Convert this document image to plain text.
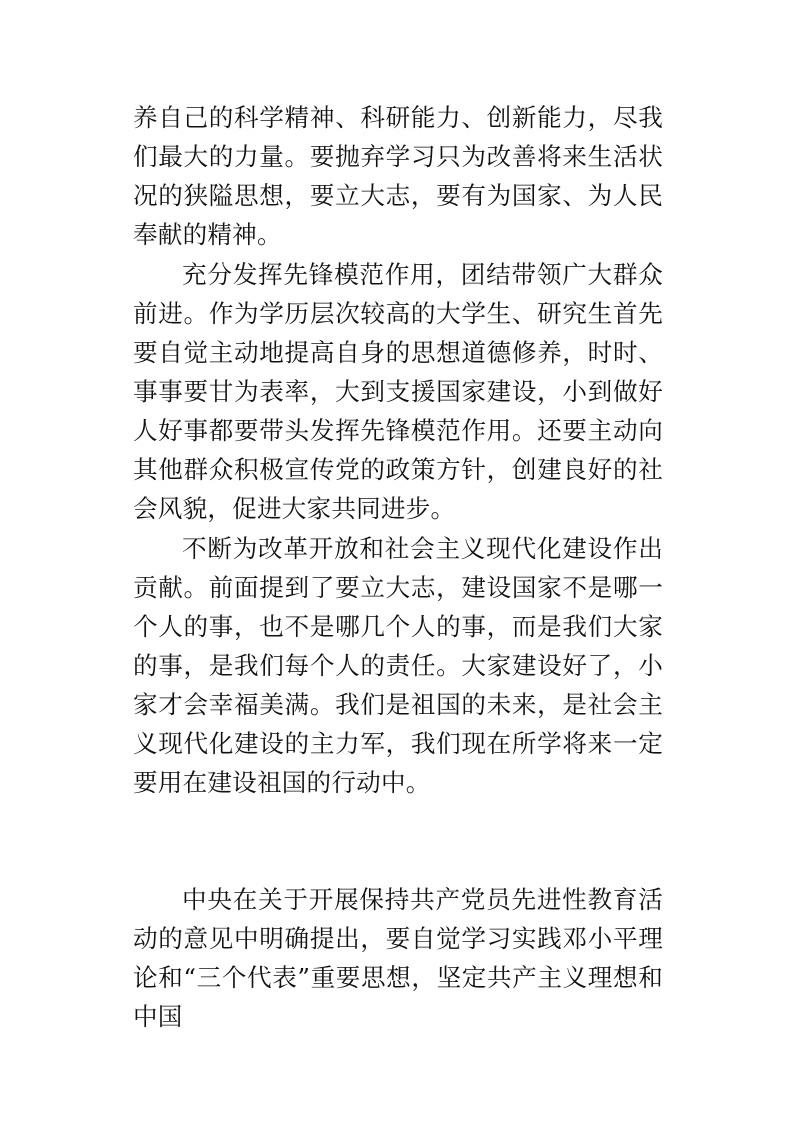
养自己的科学精神、科研能力、创新能力，尽我们最大的力量。要抛弃学习只为改善将来生活状况的狭隘思想，要立大志，要有为国家、为人民奉献的精神。

充分发挥先锋模范作用，团结带领广大群众前进。作为学历层次较高的大学生、研究生首先要自觉主动地提高自身的思想道德修养，时时、事事要甘为表率，大到支援国家建设，小到做好人好事都要带头发挥先锋模范作用。还要主动向其他群众积极宣传党的政策方针，创建良好的社会风貌，促进大家共同进步。

不断为改革开放和社会主义现代化建设作出贡献。前面提到了要立大志，建设国家不是哪一个人的事，也不是哪几个人的事，而是我们大家的事，是我们每个人的责任。大家建设好了，小家才会幸福美满。我们是祖国的未来，是社会主义现代化建设的主力军，我们现在所学将来一定要用在建设祖国的行动中。

中央在关于开展保持共产党员先进性教育活动的意见中明确提出，要自觉学习实践邓小平理论和“三个代表”重要思想，坚定共产主义理想和中国
